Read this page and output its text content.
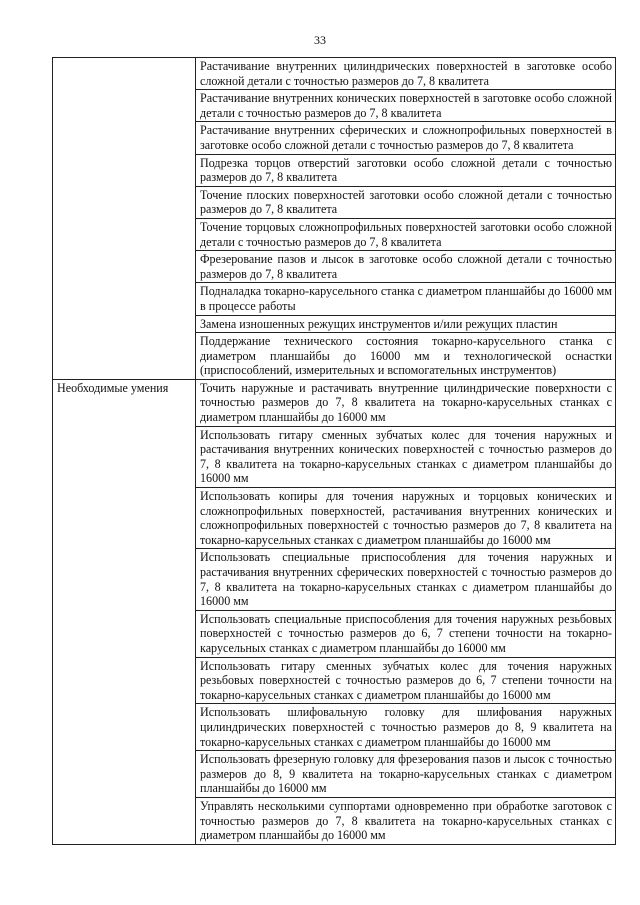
33
	Растачивание внутренних цилиндрических поверхностей в заготовке особо сложной детали с точностью размеров до 7, 8 квалитета
	Растачивание внутренних конических поверхностей в заготовке особо сложной детали с точностью размеров до 7, 8 квалитета
	Растачивание внутренних сферических и сложнопрофильных поверхностей в заготовке особо сложной детали с точностью размеров до 7, 8 квалитета
	Подрезка торцов отверстий заготовки особо сложной детали с точностью размеров до 7, 8 квалитета
	Точение плоских поверхностей заготовки особо сложной детали с точностью размеров до 7, 8 квалитета
	Точение торцовых сложнопрофильных поверхностей заготовки особо сложной детали с точностью размеров до 7, 8 квалитета
	Фрезерование пазов и лысок в заготовке особо сложной детали с точностью размеров до 7, 8 квалитета
	Подналадка токарно-карусельного станка с диаметром планшайбы до 16000 мм в процессе работы
	Замена изношенных режущих инструментов и/или режущих пластин
	Поддержание технического состояния токарно-карусельного станка с диаметром планшайбы до 16000 мм и технологической оснастки (приспособлений, измерительных и вспомогательных инструментов)
Необходимые умения	Точить наружные и растачивать внутренние цилиндрические поверхности с точностью размеров до 7, 8 квалитета на токарно-карусельных станках с диаметром планшайбы до 16000 мм
	Использовать гитару сменных зубчатых колес для точения наружных и растачивания внутренних конических поверхностей с точностью размеров до 7, 8 квалитета на токарно-карусельных станках с диаметром планшайбы до 16000 мм
	Использовать копиры для точения наружных и торцовых конических и сложнопрофильных поверхностей, растачивания внутренних конических и сложнопрофильных поверхностей с точностью размеров до 7, 8 квалитета на токарно-карусельных станках с диаметром планшайбы до 16000 мм
	Использовать специальные приспособления для точения наружных и растачивания внутренних сферических поверхностей с точностью размеров до 7, 8 квалитета на токарно-карусельных станках с диаметром планшайбы до 16000 мм
	Использовать специальные приспособления для точения наружных резьбовых поверхностей с точностью размеров до 6, 7 степени точности на токарно-карусельных станках с диаметром планшайбы до 16000 мм
	Использовать гитару сменных зубчатых колес для точения наружных резьбовых поверхностей с точностью размеров до 6, 7 степени точности на токарно-карусельных станках с диаметром планшайбы до 16000 мм
	Использовать шлифовальную головку для шлифования наружных цилиндрических поверхностей с точностью размеров до 8, 9 квалитета на токарно-карусельных станках с диаметром планшайбы до 16000 мм
	Использовать фрезерную головку для фрезерования пазов и лысок с точностью размеров до 8, 9 квалитета на токарно-карусельных станках с диаметром планшайбы до 16000 мм
	Управлять несколькими суппортами одновременно при обработке заготовок с точностью размеров до 7, 8 квалитета на токарно-карусельных станках с диаметром планшайбы до 16000 мм
